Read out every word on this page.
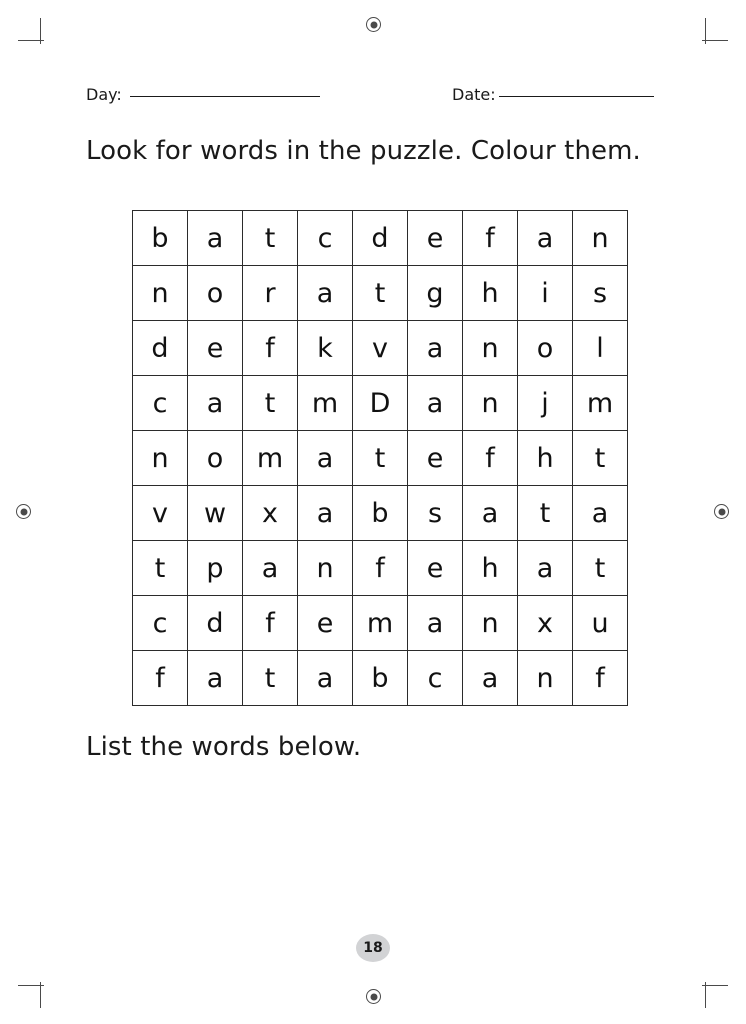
Day:	Date:
Look for words in the puzzle. Colour them.
b	a	t	c	d	e	f	a	n
n	o	r	a	t	g	h	i	s
d	e	f	k	v	a	n	o	l
c	a	t	m	D	a	n	j	m
n	o	m	a	t	e	f	h	t
v	w	x	a	b	s	a	t	a
t	p	a	n	f	e	h	a	t
c	d	f	e	m	a	n	x	u
f	a	t	a	b	c	a	n	f
List the words below.
18
